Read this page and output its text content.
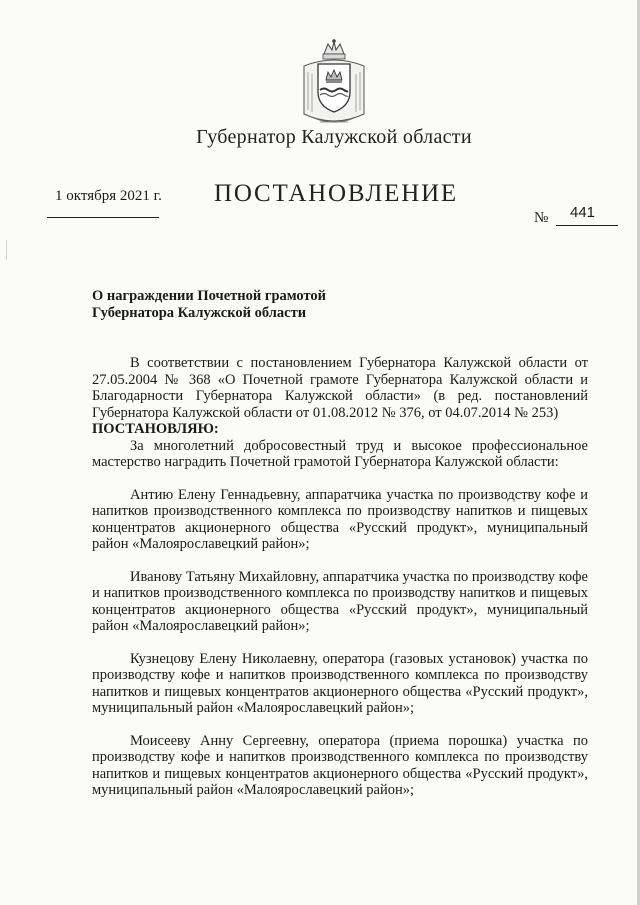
Губернатор Калужской области
1 октября 2021 г. ПОСТАНОВЛЕНИЕ
№ 441
О награждении Почетной грамотой
Губернатора Калужской области

В соответствии с постановлением Губернатора Калужской области от 27.05.2004 № 368 «О Почетной грамоте Губернатора Калужской области и Благодарности Губернатора Калужской области» (в ред. постановлений Губернатора Калужской области от 01.08.2012 № 376, от 04.07.2014 № 253)

ПОСТАНОВЛЯЮ:

За многолетний добросовестный труд и высокое профессиональное мастерство наградить Почетной грамотой Губернатора Калужской области:

Антию Елену Геннадьевну, аппаратчика участка по производству кофе и напитков производственного комплекса по производству напитков и пищевых концентратов акционерного общества «Русский продукт», муниципальный район «Малоярославецкий район»;

Иванову Татьяну Михайловну, аппаратчика участка по производству кофе и напитков производственного комплекса по производству напитков и пищевых концентратов акционерного общества «Русский продукт», муниципальный район «Малоярославецкий район»;

Кузнецову Елену Николаевну, оператора (газовых установок) участка по производству кофе и напитков производственного комплекса по производству напитков и пищевых концентратов акционерного общества «Русский продукт», муниципальный район «Малоярославецкий район»;

Моисееву Анну Сергеевну, оператора (приема порошка) участка по производству кофе и напитков производственного комплекса по производству напитков и пищевых концентратов акционерного общества «Русский продукт», муниципальный район «Малоярославецкий район»;
